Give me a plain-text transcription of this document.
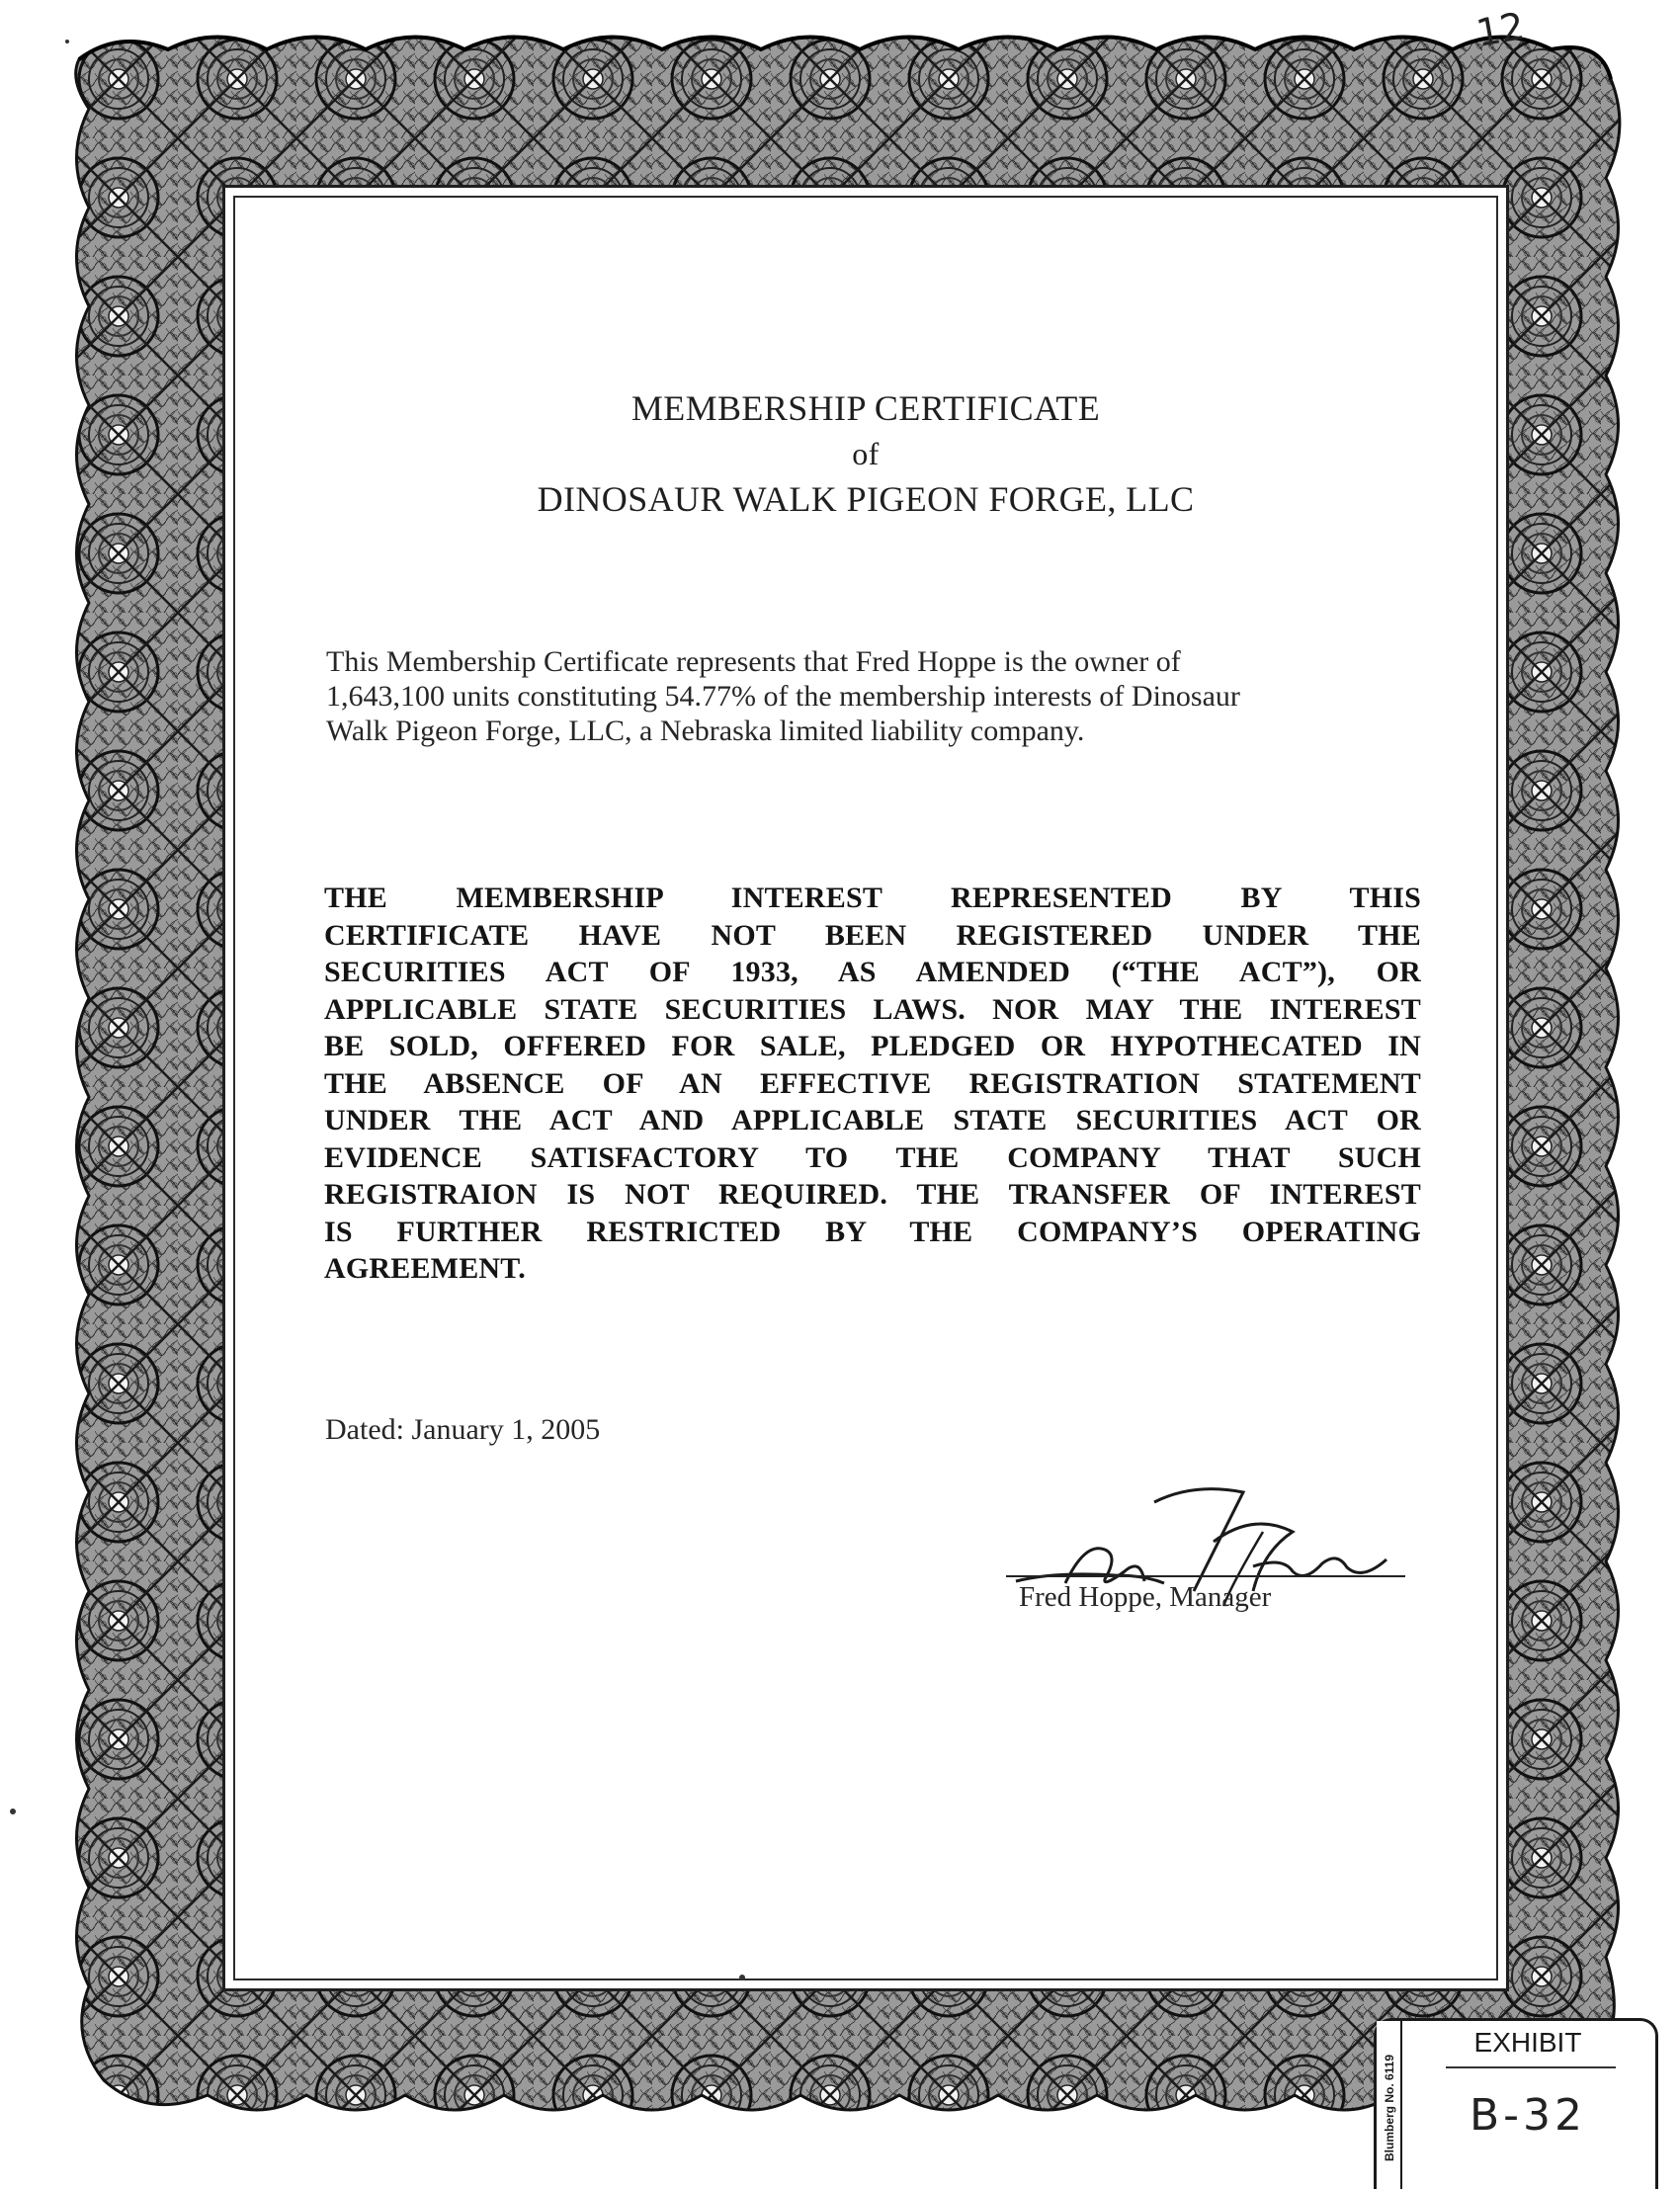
MEMBERSHIP CERTIFICATE
of
DINOSAUR WALK PIGEON FORGE, LLC
This Membership Certificate represents that Fred Hoppe is the owner of
1,643,100 units constituting 54.77% of the membership interests of Dinosaur
Walk Pigeon Forge, LLC, a Nebraska limited liability company.
THE MEMBERSHIP INTEREST REPRESENTED BY THIS
CERTIFICATE HAVE NOT BEEN REGISTERED UNDER THE
SECURITIES ACT OF 1933, AS AMENDED (“THE ACT”), OR
APPLICABLE STATE SECURITIES LAWS. NOR MAY THE INTEREST
BE SOLD, OFFERED FOR SALE, PLEDGED OR HYPOTHECATED IN
THE ABSENCE OF AN EFFECTIVE REGISTRATION STATEMENT
UNDER THE ACT AND APPLICABLE STATE SECURITIES ACT OR
EVIDENCE SATISFACTORY TO THE COMPANY THAT SUCH
REGISTRAION IS NOT REQUIRED. THE TRANSFER OF INTEREST
IS FURTHER RESTRICTED BY THE COMPANY’S OPERATING
AGREEMENT.
Dated: January 1, 2005
Fred Hoppe, Manager
12
Blumberg No. 6119
EXHIBIT
B-32
